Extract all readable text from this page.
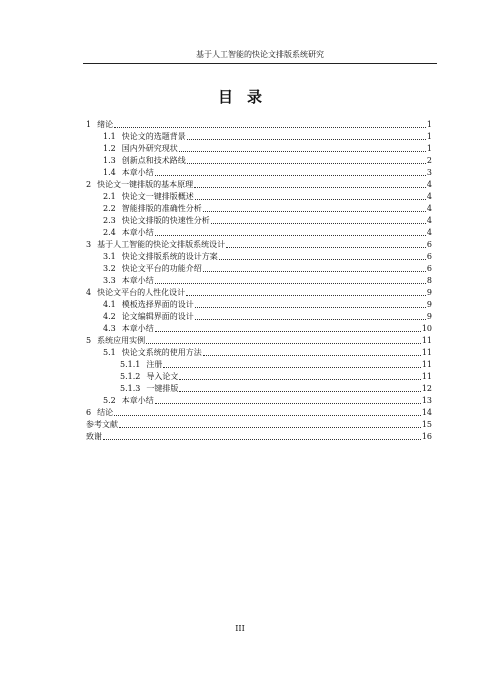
基于人工智能的快论文排版系统研究
目录
1 绪论	1
1.1 快论文的选题背景	1
1.2 国内外研究现状	1
1.3 创新点和技术路线	2
1.4 本章小结	3
2 快论文一键排版的基本原理	4
2.1 快论文一键排版概述	4
2.2 智能排版的准确性分析	4
2.3 快论文排版的快速性分析	4
2.4 本章小结	4
3 基于人工智能的快论文排版系统设计	6
3.1 快论文排版系统的设计方案	6
3.2 快论文平台的功能介绍	6
3.3 本章小结	8
4 快论文平台的人性化设计	9
4.1 模板选择界面的设计	9
4.2 论文编辑界面的设计	9
4.3 本章小结	10
5 系统应用实例	11
5.1 快论文系统的使用方法	11
5.1.1 注册	11
5.1.2 导入论文	11
5.1.3 一键排版	12
5.2 本章小结	13
6 结论	14
参考文献	15
致谢	16
III
